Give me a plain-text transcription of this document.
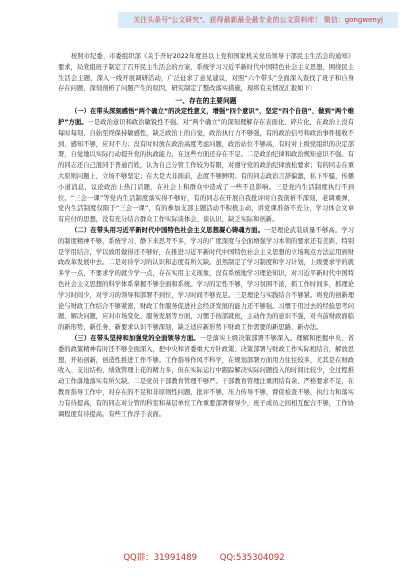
关注头条号"公文研究"，获得最新最全最专业的公文资料库！ 微信：gongwenyj

按照市纪委、市委组织部《关于开好2022年度县以上党和国家机关党员领导干部民主生活会的通知》要求，局党组班子制定了召开民主生活会的方案，系统学习习近平新时代中国特色社会主义思想，围绕民主生活会主题，深入一线开展调研活动，广泛征求了意见建议，对照“六个带头”全面深入查找了班子和自身存在问题，深刻剖析了问题产生的原因，研究制定了整改落实措施，现将有关情况汇报如下：

一、存在的主要问题

（一）在带头深刻感悟“两个确立”的决定性意义，增强“四个意识”、坚定“四个自信”、做到“两个维护”方面。一是政治意识和政治敏锐性不强。对“两个确立”的深刻理解存在表面化、碎片化，在政治上没有每时每刻、自始至终保持敏感性，缺乏政治上的自觉，政治执行力不够强，有的政治信号和政治事件接收不到、感知不够，应对不力；没有时时放在政治高度考虑问题，政治站位不够高，有时对上级党组织的决定部署，自觉地以实际行动提升党的执政能力，在这些方面还存在不足。二是政治纪律和政治规矩意识不强。有的同志还自己混同于普通百姓，认为自己分管工作较为有限，对遵守党的政治纪律放松要求；有的同志在重大原则问题上，立场不够坚定；在大是大非面前，态度不够鲜明；有的同志政治言辞偏激，私下牢骚，传播小道消息，议论政治上热门话题，在社会上和群众中造成了一些不良影响。三是党内生活制度执行不到位。“三会一课”等党内生活制度落实得不够好，有的同志在开展自我批评时自我剖析不深刻，老调重弹，党内生活制度仅限于“三会一课”，有的参加支部主题活动不积极主动，讲党课准备不充分，学习体会文章有应付的思想，没有充分结合群众工作实际谈体会、谈认识，缺乏实际和创新。

（二）在带头用习近平新时代中国特色社会主义思想凝心铸魂方面。一是理论武装质量不够高。学习的制度精神不够，系统学习、静下来思考不多，学习的广度深度与全面增强学习本领的要求还有差距，特别是学用结合，学以致用做得还不够好，在推进习近平新时代中国特色社会主义思想的立场观点方法运用到财政改革发展中去。二是对待学习的认识和态度有所欠缺。虽然制定了学习制度和学习计划，上级要求学的就多学一点，不要求学的就少学一点，存在实用主义现象，没有系统地学习理论知识，对习近平新时代中国特色社会主义思想的科学体系掌握不够全面和系统。学习的定性不够，学习氛围不浓，抓工作时间多，抓理论学习时间少，对学习的领导和部署不到位，学习时间不够充足。三是理论与实践结合不够紧。将党的创新理论与财政工作结合不够紧密，财政工作服务促进社会经济发展的能力还不够强。习惯于用过去的经验思考问题、解决问题，应对市场变化、服务发展等方面，习惯于按部就班，主动作为的意识不强，对当前财政面临的新形势、新任务、新要求认识不够深刻，缺乏适应新形势下财政工作需要的新思路、新办法。

（三）在带头坚持和加强党的全面领导方面。一是落实上级决策部署不够深入。理解和把握中央、省委的政策精神有时还不够全面深入，把中央和省委重大方针政策、决策部署与财政工作实际相结合，解放思想，开拓创新，创造性推进工作不够。工作指导作风不科学，在规划部署方面用力往往较多，尤其是在财政收入、支出结构、绩效管理上花的精力多，但在实际运行中跟踪解决实际问题投入的时间比较少，全过程推动工作落地落实有所欠缺。二是党员干部教育管理不够严。干部教育管理注重团结有余、严格要求不足，在教育指导工作中，对存在的不足和非原则性问题，批评不够，压力传导不够，督促检查不够，执行力和落实力有待提高，有的同志对分管的科室和基层单位工作重要部署督导少，班子成员之间相互配合不够，工作协调程度有待提高。有些工作浮于表面。

QQ群：31991489	QQ:535304092
